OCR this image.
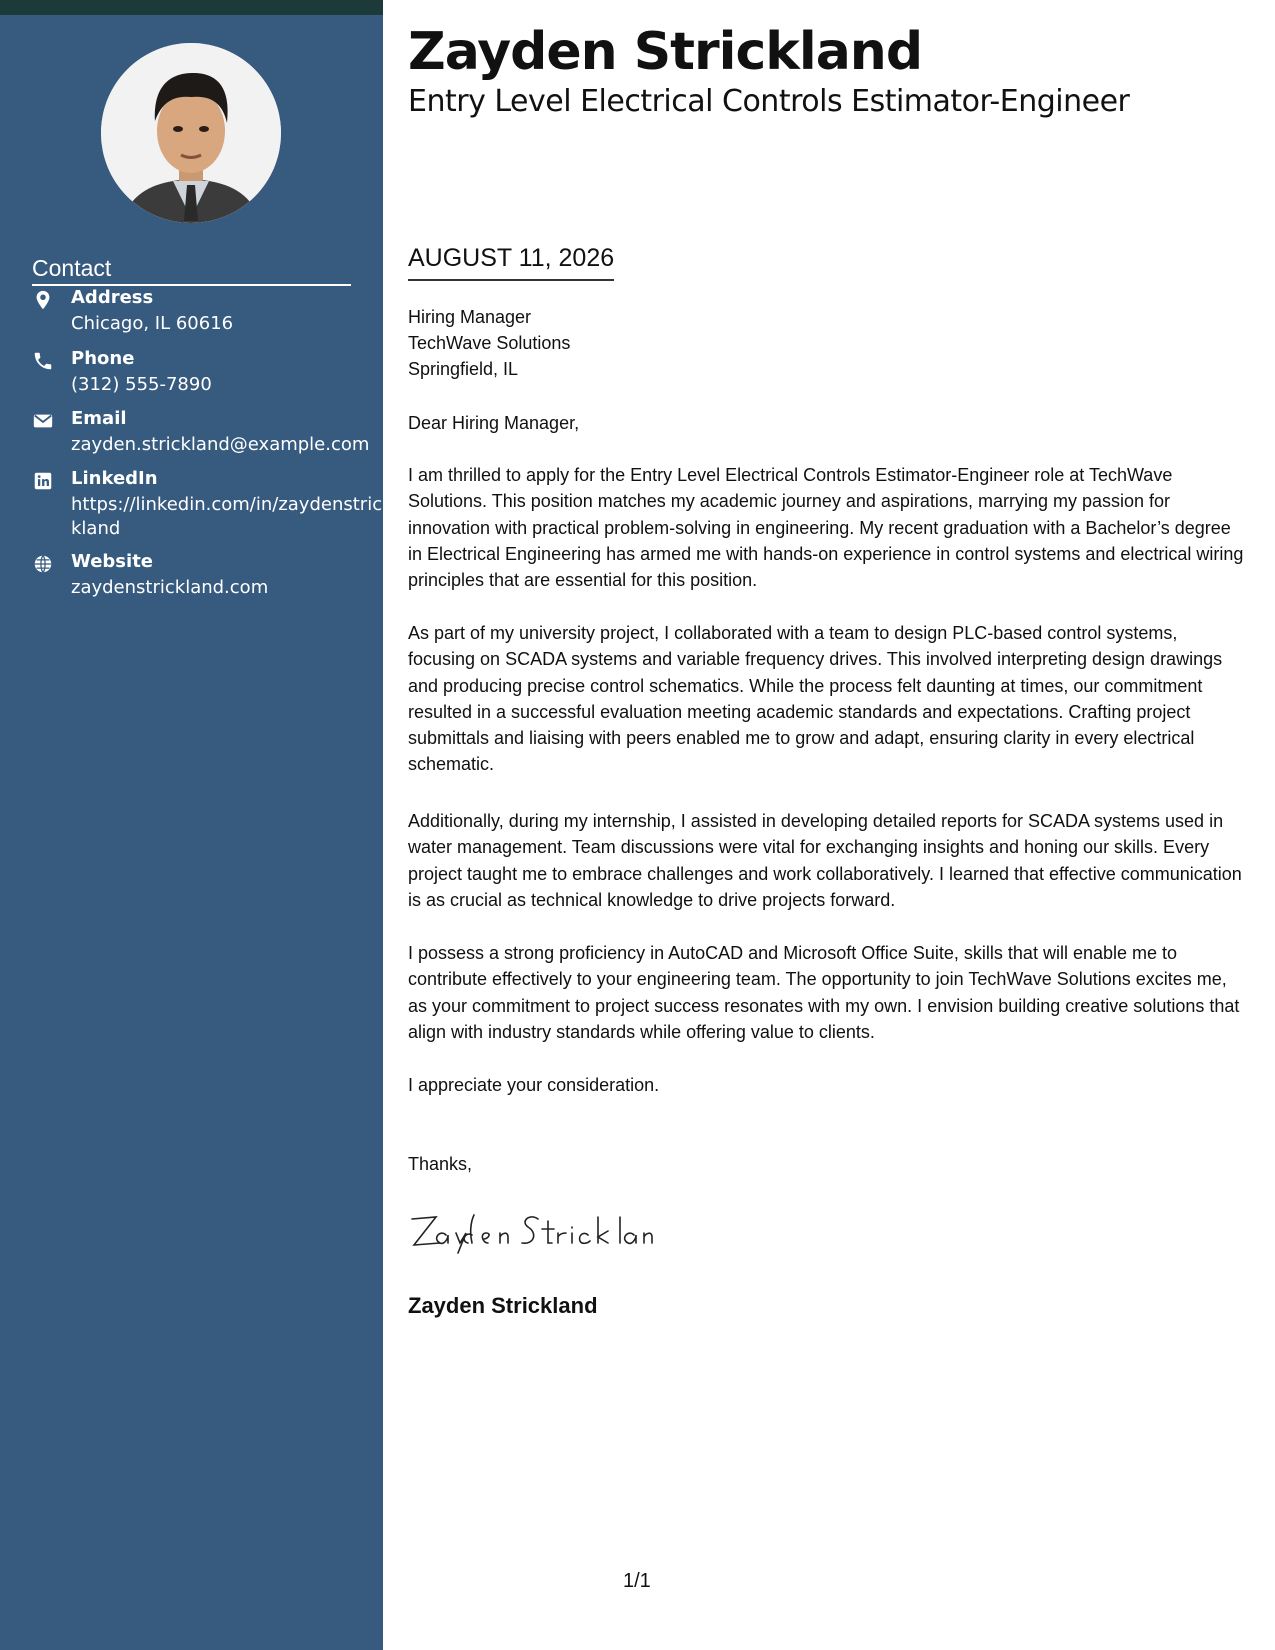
Contact
Address
Chicago, IL 60616
Phone
(312) 555-7890
Email
zayden.strickland@example.com
LinkedIn
https://linkedin.com/in/zaydenstrickland
Website
zaydenstrickland.com
Zayden Strickland
Entry Level Electrical Controls Estimator-Engineer
AUGUST 11, 2026
Hiring Manager
TechWave Solutions
Springfield, IL

Dear Hiring Manager,

I am thrilled to apply for the Entry Level Electrical Controls Estimator-Engineer role at TechWave Solutions. This position matches my academic journey and aspirations, marrying my passion for innovation with practical problem-solving in engineering. My recent graduation with a Bachelor’s degree in Electrical Engineering has armed me with hands-on experience in control systems and electrical wiring principles that are essential for this position.

As part of my university project, I collaborated with a team to design PLC-based control systems, focusing on SCADA systems and variable frequency drives. This involved interpreting design drawings and producing precise control schematics. While the process felt daunting at times, our commitment resulted in a successful evaluation meeting academic standards and expectations. Crafting project submittals and liaising with peers enabled me to grow and adapt, ensuring clarity in every electrical schematic.

Additionally, during my internship, I assisted in developing detailed reports for SCADA systems used in water management. Team discussions were vital for exchanging insights and honing our skills. Every project taught me to embrace challenges and work collaboratively. I learned that effective communication is as crucial as technical knowledge to drive projects forward.

I possess a strong proficiency in AutoCAD and Microsoft Office Suite, skills that will enable me to contribute effectively to your engineering team. The opportunity to join TechWave Solutions excites me, as your commitment to project success resonates with my own. I envision building creative solutions that align with industry standards while offering value to clients.

I appreciate your consideration.

Thanks,

Zayden Strickland
1/1
